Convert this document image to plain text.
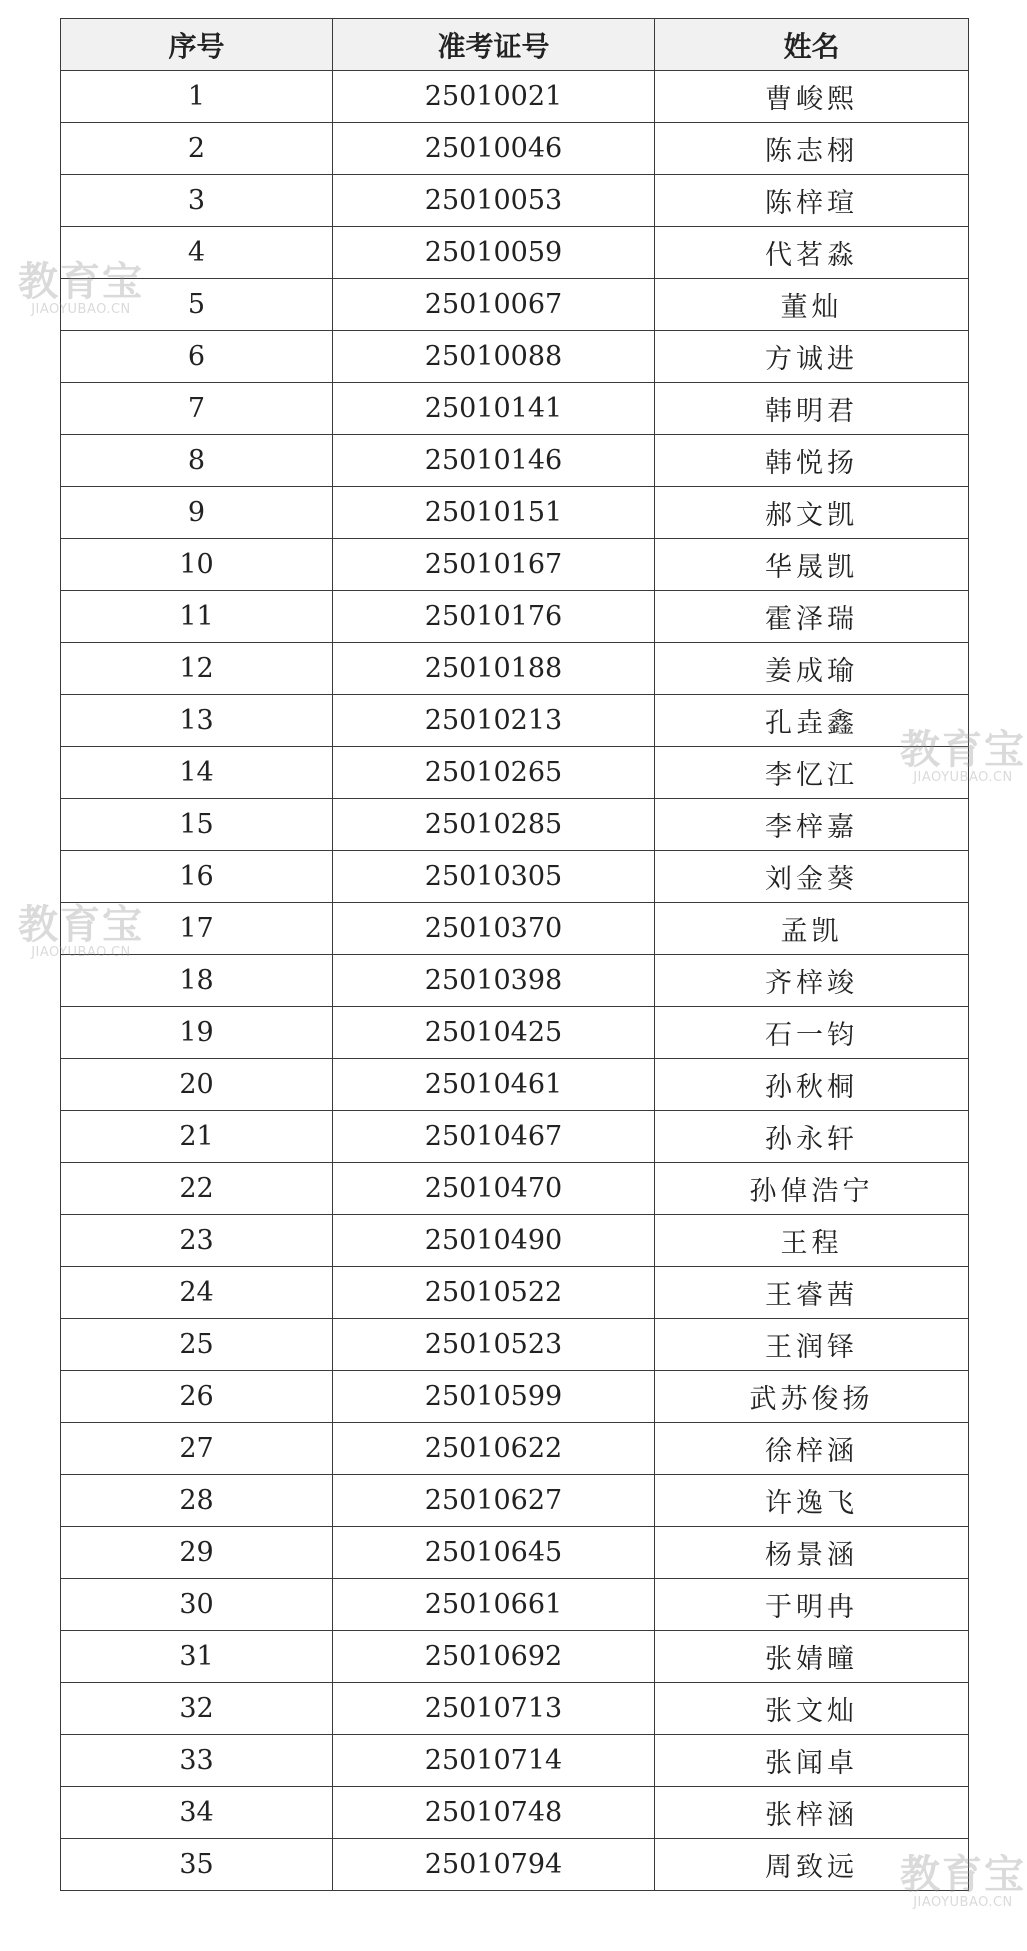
序号	准考证号	姓名
1	25010021	曹峻熙
2	25010046	陈志栩
3	25010053	陈梓瑄
4	25010059	代茗淼
5	25010067	董灿
6	25010088	方诚进
7	25010141	韩明君
8	25010146	韩悦扬
9	25010151	郝文凯
10	25010167	华晟凯
11	25010176	霍泽瑞
12	25010188	姜成瑜
13	25010213	孔垚鑫
14	25010265	李忆江
15	25010285	李梓嘉
16	25010305	刘金葵
17	25010370	孟凯
18	25010398	齐梓竣
19	25010425	石一钧
20	25010461	孙秋桐
21	25010467	孙永轩
22	25010470	孙倬浩宁
23	25010490	王程
24	25010522	王睿茜
25	25010523	王润铎
26	25010599	武苏俊扬
27	25010622	徐梓涵
28	25010627	许逸飞
29	25010645	杨景涵
30	25010661	于明冉
31	25010692	张婧曈
32	25010713	张文灿
33	25010714	张闻卓
34	25010748	张梓涵
35	25010794	周致远
教育宝
JIAOYUBAO.CN
教育宝
JIAOYUBAO.CN
教育宝
JIAOYUBAO.CN
教育宝
JIAOYUBAO.CN
